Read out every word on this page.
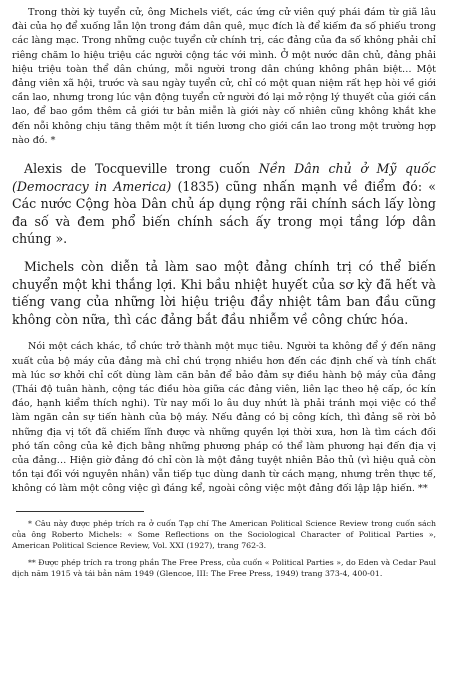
Trong thời kỳ tuyển cử, ông Michels viết, các ứng cử viên quý phái đám từ giã lâu đài của họ để xuống lẫn lộn trong đám dân quê, mục đích là để kiếm đa số phiếu trong các làng mạc. Trong những cuộc tuyển cử chính trị, các đảng của đa số không phải chỉ riêng chăm lo hiệu triệu các người cộng tác với mình. Ở một nước dân chủ, đảng phải hiệu triệu toàn thể dân chúng, mỗi người trong dân chúng không phân biệt… Một đảng viên xã hội, trước và sau ngày tuyển cử, chỉ có một quan niệm rất hẹp hòi về giới cần lao, nhưng trong lúc vận động tuyển cử người đó lại mở rộng lý thuyết của giới cần lao, để bao gồm thêm cả giới tư bản miễn là giới này cố nhiên cũng không khắt khe đến nỗi không chịu tăng thêm một ít tiền lương cho giới cần lao trong một trường hợp nào đó. *

Alexis de Tocqueville trong cuốn Nền Dân chủ ở Mỹ quốc (Democracy in America) (1835) cũng nhấn mạnh về điểm đó: « Các nước Cộng hòa Dân chủ áp dụng rộng rãi chính sách lấy lòng đa số và đem phổ biến chính sách ấy trong mọi tầng lớp dân chúng ».

Michels còn diễn tả làm sao một đảng chính trị có thể biến chuyển một khi thắng lợi. Khi bầu nhiệt huyết của sơ kỳ đã hết và tiếng vang của những lời hiệu triệu đầy nhiệt tâm ban đầu cũng không còn nữa, thì các đảng bắt đầu nhiễm về công chức hóa.

Nói một cách khác, tổ chức trở thành một mục tiêu. Người ta không để ý đến năng xuất của bộ máy của đảng mà chỉ chú trọng nhiều hơn đến các định chế và tính chất mà lúc sơ khởi chỉ cốt dùng làm căn bản để bảo đảm sự điều hành bộ máy của đảng (Thái độ tuân hành, cộng tác điều hòa giữa các đảng viên, liên lạc theo hệ cấp, óc kín đáo, hạnh kiểm thích nghi). Từ nay mối lo âu duy nhứt là phải tránh mọi việc có thể làm ngăn cản sự tiến hành của bộ máy. Nếu đảng có bị công kích, thì đảng sẽ rời bỏ những địa vị tốt đã chiếm lĩnh được và những quyền lợi thời xưa, hơn là tìm cách đối phó tấn công của kẻ địch bằng những phương pháp có thể làm phương hại đến địa vị của đảng… Hiện giờ đảng đó chỉ còn là một đảng tuyệt nhiên Bảo thủ (vì hiệu quả còn tồn tại đối với nguyên nhân) vẫn tiếp tục dùng danh từ cách mạng, nhưng trên thực tế, không có làm một công việc gì đáng kể, ngoài công việc một đảng đối lập lập hiến. **

* Câu này được phép trích ra ở cuốn Tạp chí The American Political Science Review trong cuốn sách của ông Roberto Michels: « Some Reflections on the Sociological Character of Political Parties », American Political Science Review, Vol. XXI (1927), trang 762-3.

** Được phép trích ra trong phần The Free Press, của cuốn « Political Parties », do Eden và Cedar Paul dịch năm 1915 và tái bản năm 1949 (Glencoe, III: The Free Press, 1949) trang 373-4, 400-01.
